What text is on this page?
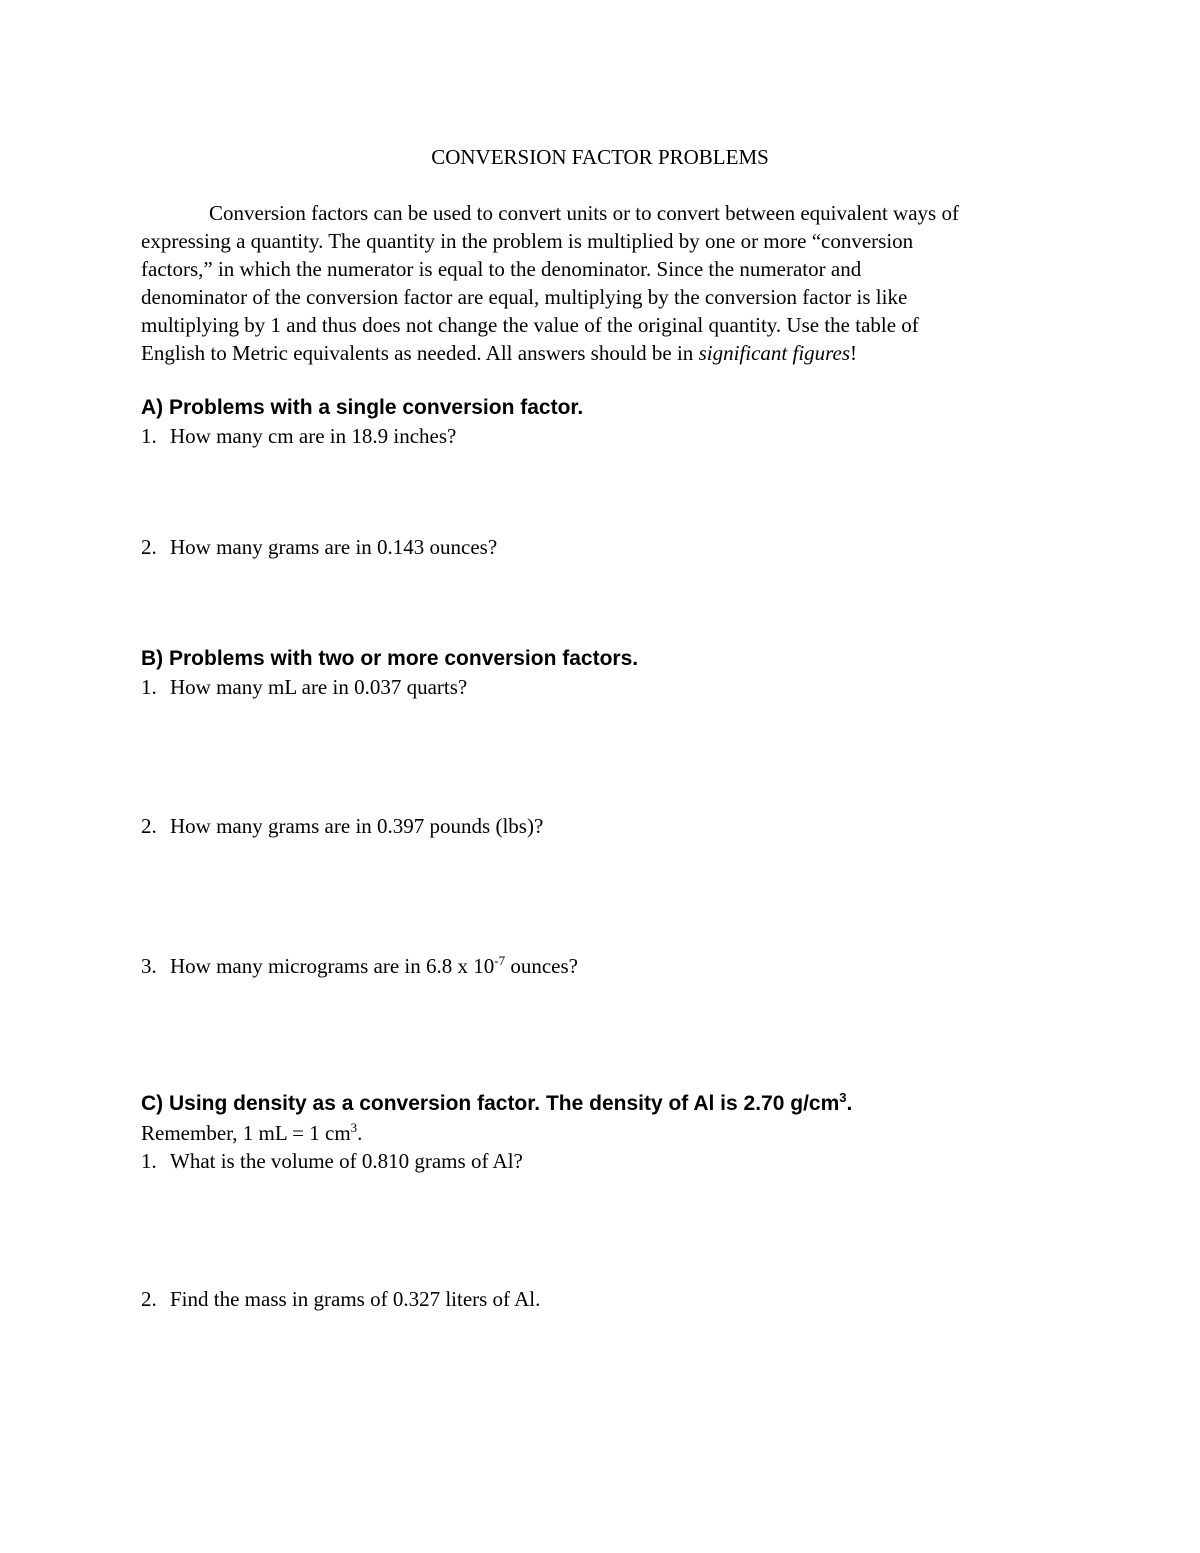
CONVERSION FACTOR PROBLEMS
Conversion factors can be used to convert units or to convert between equivalent ways of
expressing a quantity. The quantity in the problem is multiplied by one or more “conversion
factors,” in which the numerator is equal to the denominator. Since the numerator and
denominator of the conversion factor are equal, multiplying by the conversion factor is like
multiplying by 1 and thus does not change the value of the original quantity. Use the table of
English to Metric equivalents as needed. All answers should be in significant figures!
A) Problems with a single conversion factor.
1. How many cm are in 18.9 inches?
2. How many grams are in 0.143 ounces?
B) Problems with two or more conversion factors.
1. How many mL are in 0.037 quarts?
2. How many grams are in 0.397 pounds (lbs)?
3. How many micrograms are in 6.8 x $10^{-7}$ ounces?
C) Using density as a conversion factor. The density of Al is 2.70 $g/cm^3$.
Remember, 1 mL = 1 $cm^3$.
1. What is the volume of 0.810 grams of Al?
2. Find the mass in grams of 0.327 liters of Al.
